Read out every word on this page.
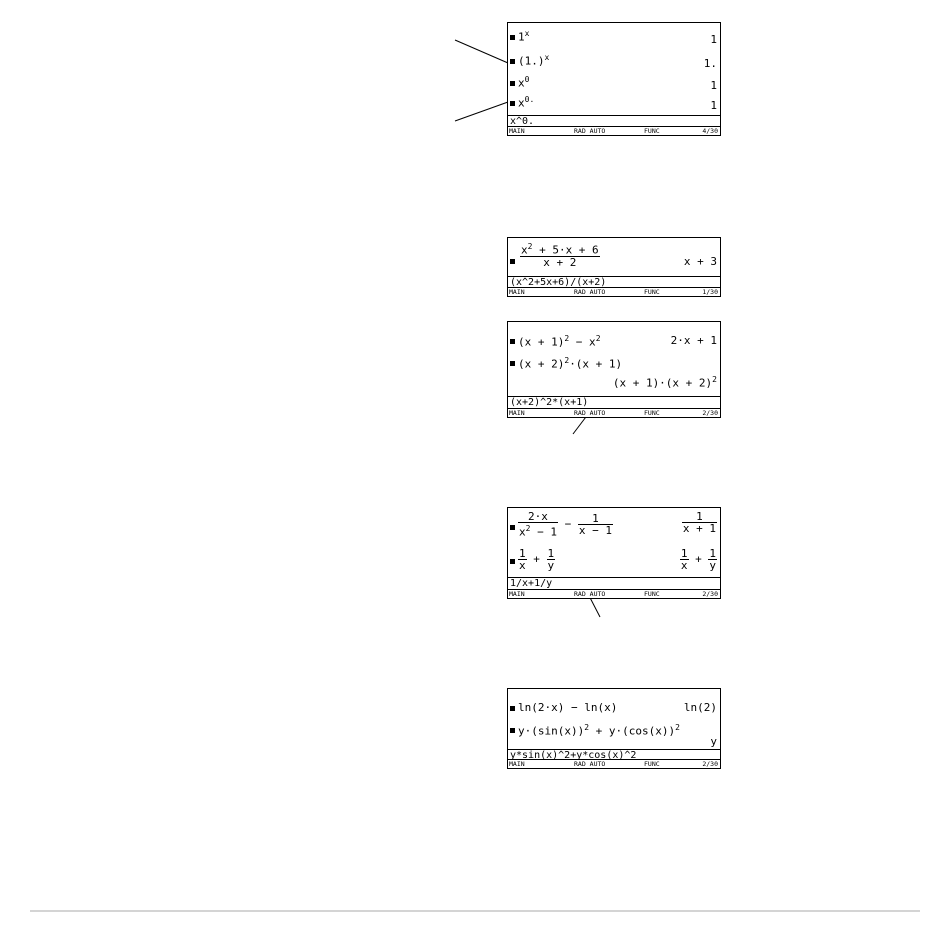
1$^x$	1
$(1.)^x$	1.
$x^0$	1
$x^{0.}$	1
x^0.
MAIN	RAD AUTO	FUNC	4/30
$\frac{x^2 + 5\cdot x + 6}{x + 2}$	x + 3
(x^2+5x+6)/(x+2)
MAIN	RAD AUTO	FUNC	1/30
$(x + 1)^2 - x^2$	2·x + 1
$(x + 2)^2\cdot(x + 1)$
$(x + 1)\cdot(x + 2)^2$
(x+2)^2*(x+1)
MAIN	RAD AUTO	FUNC	2/30
$\frac{2\cdot x}{x^2 - 1} - \frac{1}{x - 1}$	$\frac{1}{x + 1}$
$\frac{1}{x} + \frac{1}{y}$	$\frac{1}{x} + \frac{1}{y}$
1/x+1/y
MAIN	RAD AUTO	FUNC	2/30
ln(2·x) − ln(x)	ln(2)
$y\cdot(\sin(x))^2 + y\cdot(\cos(x))^2$
y
y*sin(x)^2+y*cos(x)^2
MAIN	RAD AUTO	FUNC	2/30
